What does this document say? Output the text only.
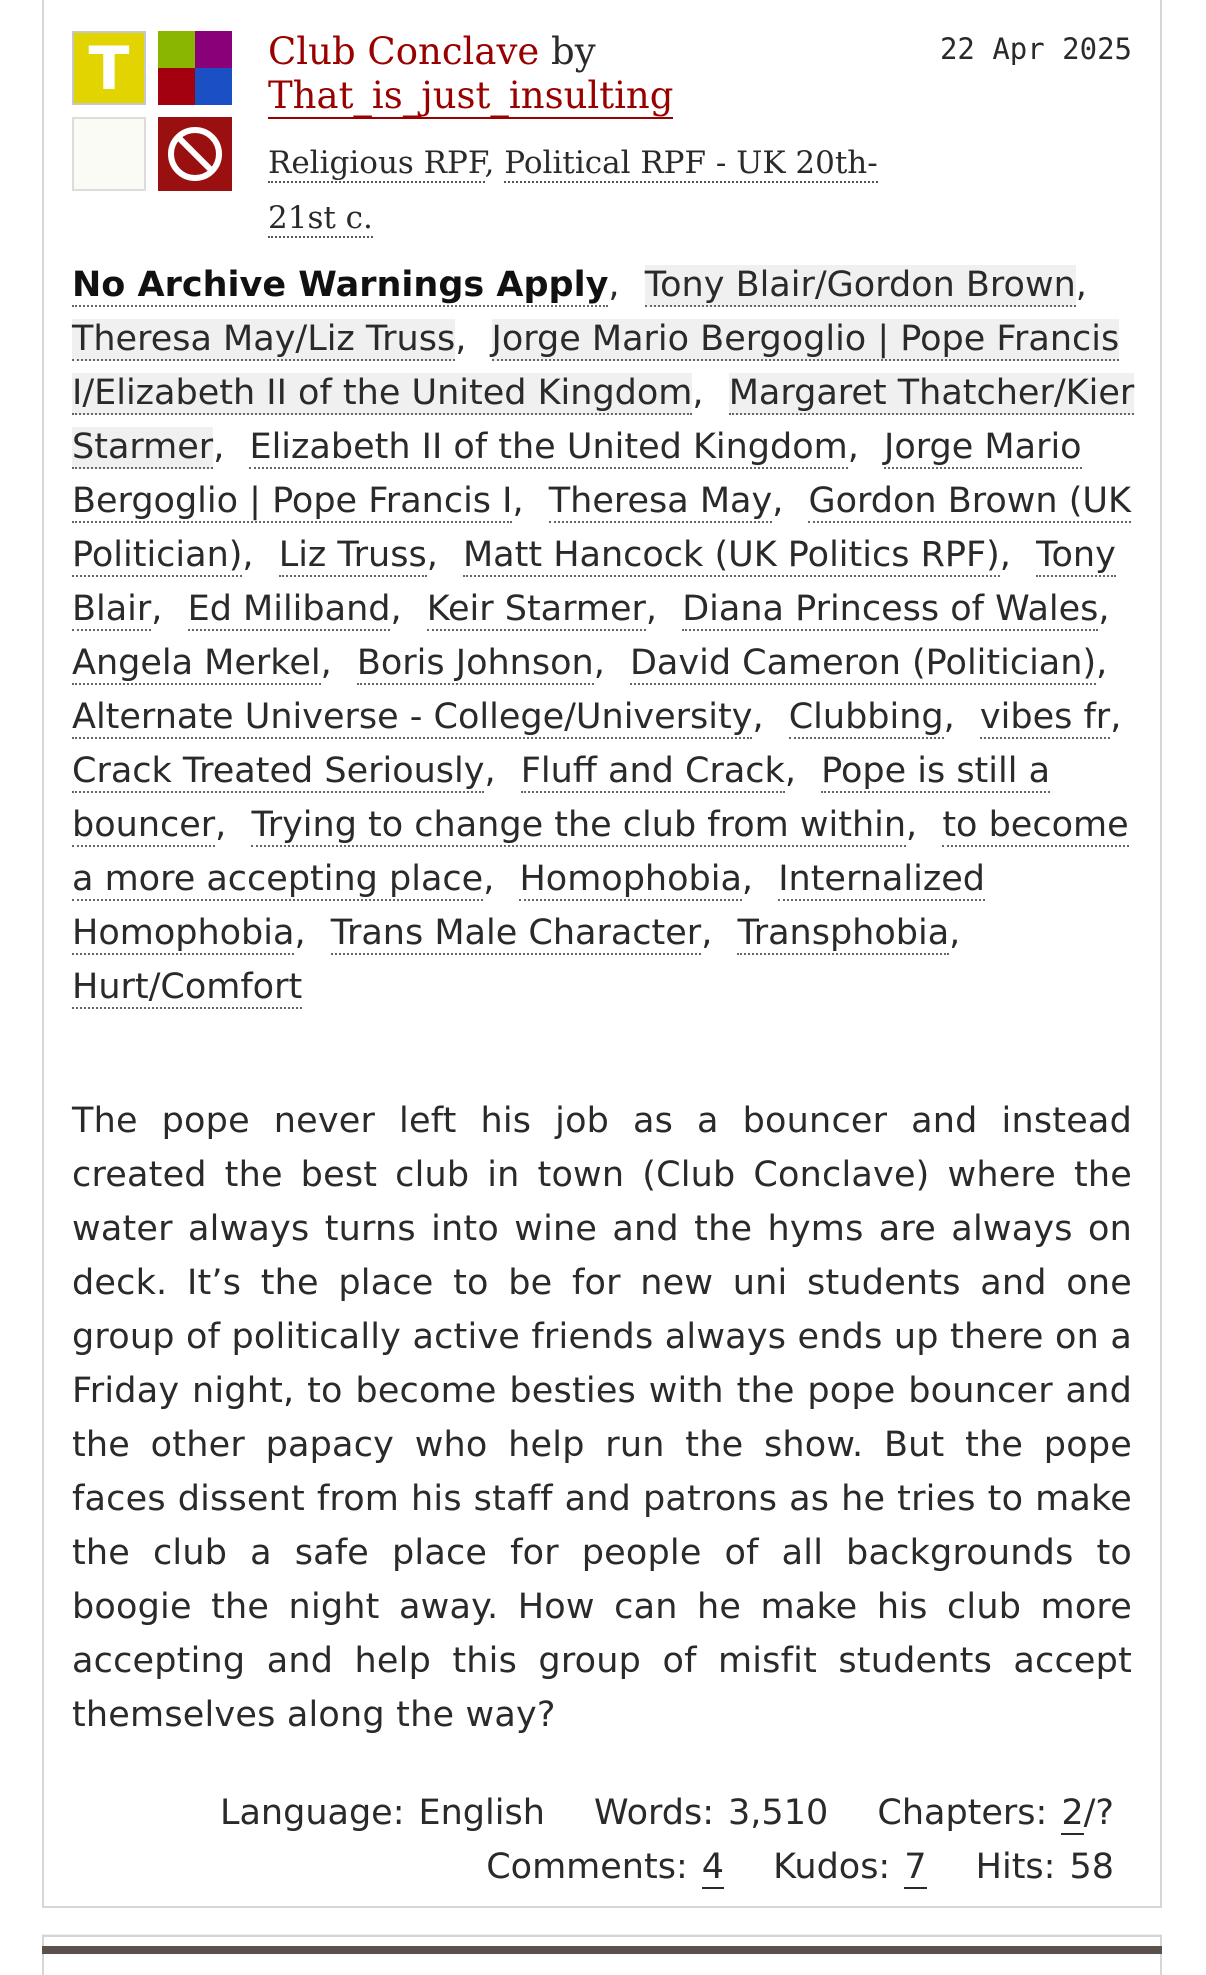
T	Club Conclave by
That_is_just_insulting
22 Apr 2025
Religious RPF, Political RPF - UK 20th-21st c.
No Archive Warnings Apply, Tony Blair/Gordon Brown, Theresa May/Liz Truss, Jorge Mario Bergoglio | Pope Francis I/Elizabeth II of the United Kingdom, Margaret Thatcher/Kier Starmer, Elizabeth II of the United Kingdom, Jorge Mario Bergoglio | Pope Francis I, Theresa May, Gordon Brown (UK Politician), Liz Truss, Matt Hancock (UK Politics RPF), Tony Blair, Ed Miliband, Keir Starmer, Diana Princess of Wales, Angela Merkel, Boris Johnson, David Cameron (Politician), Alternate Universe - College/University, Clubbing, vibes fr, Crack Treated Seriously, Fluff and Crack, Pope is still a bouncer, Trying to change the club from within, to become a more accepting place, Homophobia, Internalized Homophobia, Trans Male Character, Transphobia, Hurt/Comfort
The pope never left his job as a bouncer and instead created the best club in town (Club Conclave) where the water always turns into wine and the hyms are always on deck. It’s the place to be for new uni students and one group of politically active friends always ends up there on a Friday night, to become besties with the pope bouncer and the other papacy who help run the show. But the pope faces dissent from his staff and patrons as he tries to make the club a safe place for people of all backgrounds to boogie the night away. How can he make his club more accepting and help this group of misfit students accept themselves along the way?
Language: English Words: 3,510 Chapters: 2/?
Comments: 4 Kudos: 7 Hits: 58
